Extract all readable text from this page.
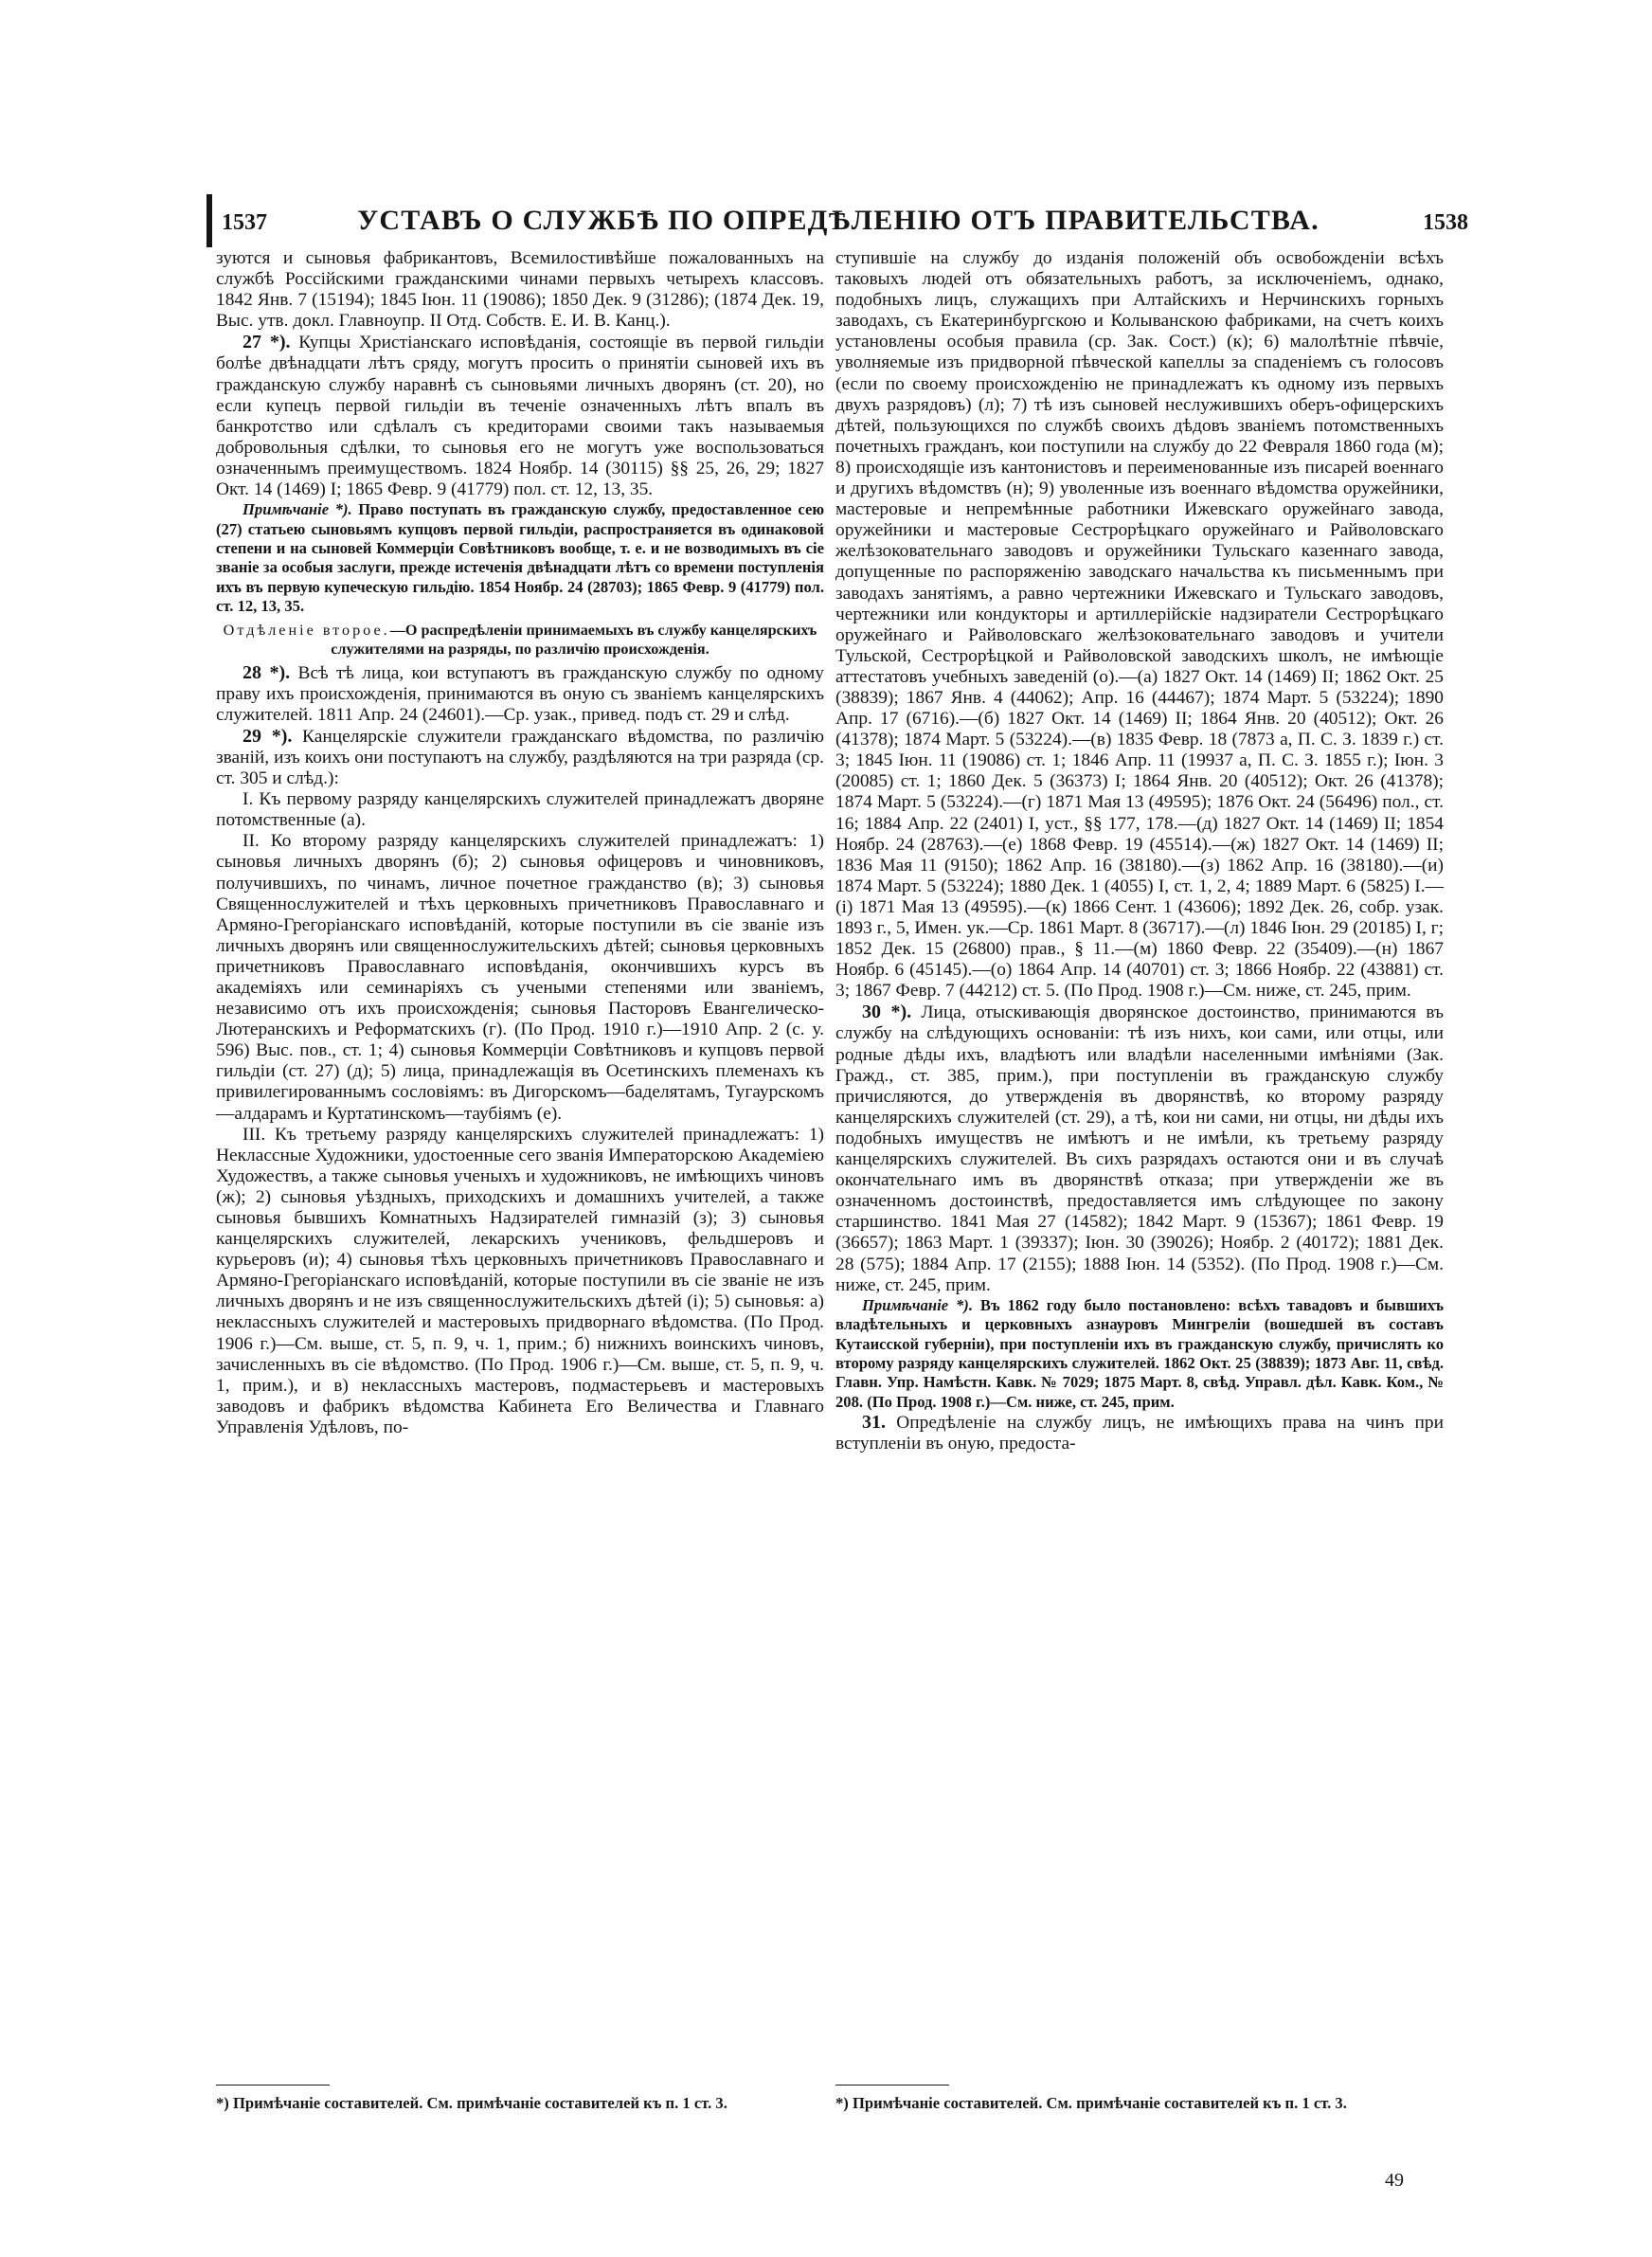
1537	УСТАВЪ О СЛУЖБѢ ПО ОПРЕДѢЛЕНІЮ ОТЪ ПРАВИТЕЛЬСТВА.	1538

зуются и сыновья фабрикантовъ, Всемилостивѣйше пожалованныхъ на службѣ Россійскими гражданскими чинами первыхъ четырехъ классовъ. 1842 Янв. 7 (15194); 1845 Іюн. 11 (19086); 1850 Дек. 9 (31286); (1874 Дек. 19, Выс. утв. докл. Главноупр. II Отд. Собств. Е. И. В. Канц.).

27 *). Купцы Христіанскаго исповѣданія, состоящіе въ первой гильдіи болѣе двѣнадцати лѣтъ сряду, могутъ просить о принятіи сыновей ихъ въ гражданскую службу наравнѣ съ сыновьями личныхъ дворянъ (ст. 20), но если купецъ первой гильдіи въ теченіе означенныхъ лѣтъ впалъ въ банкротство или сдѣлалъ съ кредиторами своими такъ называемыя добровольныя сдѣлки, то сыновья его не могутъ уже воспользоваться означеннымъ преимуществомъ. 1824 Ноябр. 14 (30115) §§ 25, 26, 29; 1827 Окт. 14 (1469) I; 1865 Февр. 9 (41779) пол. ст. 12, 13, 35.

Примѣчаніе *). Право поступать въ гражданскую службу, предоставленное сею (27) статьею сыновьямъ купцовъ первой гильдіи, распространяется въ одинаковой степени и на сыновей Коммерціи Совѣтниковъ вообще, т. е. и не возводимыхъ въ сіе званіе за особыя заслуги, прежде истеченія двѣнадцати лѣтъ со времени поступленія ихъ въ первую купеческую гильдію. 1854 Ноябр. 24 (28703); 1865 Февр. 9 (41779) пол. ст. 12, 13, 35.

Отдѣленіе второе.—О распредѣленіи принимаемыхъ въ службу канцелярскихъ служителями на разряды, по различію происхожденія.

28 *). Всѣ тѣ лица, кои вступаютъ въ гражданскую службу по одному праву ихъ происхожденія, принимаются въ оную съ званіемъ канцелярскихъ служителей. 1811 Апр. 24 (24601).—Ср. узак., привед. подъ ст. 29 и слѣд.

29 *). Канцелярскіе служители гражданскаго вѣдомства, по различію званій, изъ коихъ они поступаютъ на службу, раздѣляются на три разряда (ср. ст. 305 и слѣд.):

I. Къ первому разряду канцелярскихъ служителей принадлежатъ дворяне потомственные (а).

II. Ко второму разряду канцелярскихъ служителей принадлежатъ: 1) сыновья личныхъ дворянъ (б); 2) сыновья офицеровъ и чиновниковъ, получившихъ, по чинамъ, личное почетное гражданство (в); 3) сыновья Священнослужителей и тѣхъ церковныхъ причетниковъ Православнаго и Армяно-Грегоріанскаго исповѣданій, которые поступили въ сіе званіе изъ личныхъ дворянъ или священнослужительскихъ дѣтей; сыновья церковныхъ причетниковъ Православнаго исповѣданія, окончившихъ курсъ въ академіяхъ или семинаріяхъ съ учеными степенями или званіемъ, независимо отъ ихъ происхожденія; сыновья Пасторовъ Евангелическо-Лютеранскихъ и Реформатскихъ (г). (По Прод. 1910 г.)—1910 Апр. 2 (с. у. 596) Выс. пов., ст. 1; 4) сыновья Коммерціи Совѣтниковъ и купцовъ первой гильдіи (ст. 27) (д); 5) лица, принадлежащія въ Осетинскихъ племенахъ къ привилегированнымъ сословіямъ: въ Дигорскомъ—баделятамъ, Тугаурскомъ—алдарамъ и Куртатинскомъ—таубіямъ (е).

III. Къ третьему разряду канцелярскихъ служителей принадлежатъ: 1) Неклассные Художники, удостоенные сего званія Императорскою Академіею Художествъ, а также сыновья ученыхъ и художниковъ, не имѣющихъ чиновъ (ж); 2) сыновья уѣздныхъ, приходскихъ и домашнихъ учителей, а также сыновья бывшихъ Комнатныхъ Надзирателей гимназій (з); 3) сыновья канцелярскихъ служителей, лекарскихъ учениковъ, фельдшеровъ и курьеровъ (и); 4) сыновья тѣхъ церковныхъ причетниковъ Православнаго и Армяно-Грегоріанскаго исповѣданій, которые поступили въ сіе званіе не изъ личныхъ дворянъ и не изъ священнослужительскихъ дѣтей (і); 5) сыновья: а) неклассныхъ служителей и мастеровыхъ придворнаго вѣдомства. (По Прод. 1906 г.)—См. выше, ст. 5, п. 9, ч. 1, прим.; б) нижнихъ воинскихъ чиновъ, зачисленныхъ въ сіе вѣдомство. (По Прод. 1906 г.)—См. выше, ст. 5, п. 9, ч. 1, прим.), и в) неклассныхъ мастеровъ, подмастерьевъ и мастеровыхъ заводовъ и фабрикъ вѣдомства Кабинета Его Величества и Главнаго Управленія Удѣловъ, по-

ступившіе на службу до изданія положеній объ освобожденіи всѣхъ таковыхъ людей отъ обязательныхъ работъ, за исключеніемъ, однако, подобныхъ лицъ, служащихъ при Алтайскихъ и Нерчинскихъ горныхъ заводахъ, съ Екатеринбургскою и Колыванскою фабриками, на счетъ коихъ установлены особыя правила (ср. Зак. Сост.) (к); 6) малолѣтніе пѣвчіе, уволняемые изъ придворной пѣвческой капеллы за спаденіемъ съ голосовъ (если по своему происхожденію не принадлежатъ къ одному изъ первыхъ двухъ разрядовъ) (л); 7) тѣ изъ сыновей нeслужившихъ оберъ-офицерскихъ дѣтей, пользующихся по службѣ своихъ дѣдовъ званіемъ потомственныхъ почетныхъ гражданъ, кои поступили на службу до 22 Февраля 1860 года (м); 8) происходящіе изъ кантонистовъ и переименованные изъ писарей военнаго и другихъ вѣдомствъ (н); 9) уволенные изъ военнаго вѣдомства оружейники, мастеровые и непремѣнные работники Ижевскаго оружейнаго завода, оружейники и мастеровые Сестрорѣцкаго оружейнаго и Райволовскаго желѣзоковательнаго заводовъ и оружейники Тульскаго казеннаго завода, допущенные по распоряженію заводскаго начальства къ письменнымъ при заводахъ занятіямъ, а равно чертежники Ижевскаго и Тульскаго заводовъ, чертежники или кондукторы и артиллерійскіе надзиратели Сестрорѣцкаго оружейнаго и Райволовскаго желѣзоковательнаго заводовъ и учители Тульской, Сестрорѣцкой и Райволовской заводскихъ школъ, не имѣющіе аттестатовъ учебныхъ заведеній (о).—(а) 1827 Окт. 14 (1469) II; 1862 Окт. 25 (38839); 1867 Янв. 4 (44062); Апр. 16 (44467); 1874 Март. 5 (53224); 1890 Апр. 17 (6716).—(б) 1827 Окт. 14 (1469) II; 1864 Янв. 20 (40512); Окт. 26 (41378); 1874 Март. 5 (53224).—(в) 1835 Февр. 18 (7873 а, П. С. З. 1839 г.) ст. 3; 1845 Іюн. 11 (19086) ст. 1; 1846 Апр. 11 (19937 а, П. С. З. 1855 г.); Іюн. 3 (20085) ст. 1; 1860 Дек. 5 (36373) I; 1864 Янв. 20 (40512); Окт. 26 (41378); 1874 Март. 5 (53224).—(г) 1871 Мая 13 (49595); 1876 Окт. 24 (56496) пол., ст. 16; 1884 Апр. 22 (2401) I, уст., §§ 177, 178.—(д) 1827 Окт. 14 (1469) II; 1854 Ноябр. 24 (28763).—(е) 1868 Февр. 19 (45514).—(ж) 1827 Окт. 14 (1469) II; 1836 Мая 11 (9150); 1862 Апр. 16 (38180).—(з) 1862 Апр. 16 (38180).—(и) 1874 Март. 5 (53224); 1880 Дек. 1 (4055) I, ст. 1, 2, 4; 1889 Март. 6 (5825) I.—(і) 1871 Мая 13 (49595).—(к) 1866 Сент. 1 (43606); 1892 Дек. 26, собр. узак. 1893 г., 5, Имен. ук.—Ср. 1861 Март. 8 (36717).—(л) 1846 Іюн. 29 (20185) I, г; 1852 Дек. 15 (26800) прав., § 11.—(м) 1860 Февр. 22 (35409).—(н) 1867 Ноябр. 6 (45145).—(о) 1864 Апр. 14 (40701) ст. 3; 1866 Ноябр. 22 (43881) ст. 3; 1867 Февр. 7 (44212) ст. 5. (По Прод. 1908 г.)—См. ниже, ст. 245, прим.

30 *). Лица, отыскивающія дворянское достоинство, принимаются въ службу на слѣдующихъ основаніи: тѣ изъ нихъ, кои сами, или отцы, или родные дѣды ихъ, владѣютъ или владѣли населенными имѣніями (Зак. Гражд., ст. 385, прим.), при поступленіи въ гражданскую службу причисляются, до утвержденія въ дворянствѣ, ко второму разряду канцелярскихъ служителей (ст. 29), а тѣ, кои ни сами, ни отцы, ни дѣды ихъ подобныхъ имуществъ не имѣютъ и не имѣли, къ третьему разряду канцелярскихъ служителей. Въ сихъ разрядахъ остаются они и въ случаѣ окончательнаго имъ въ дворянствѣ отказа; при утвержденіи же въ означенномъ достоинствѣ, предоставляется имъ слѣдующее по закону старшинство. 1841 Мая 27 (14582); 1842 Март. 9 (15367); 1861 Февр. 19 (36657); 1863 Март. 1 (39337); Іюн. 30 (39026); Ноябр. 2 (40172); 1881 Дек. 28 (575); 1884 Апр. 17 (2155); 1888 Іюн. 14 (5352). (По Прод. 1908 г.)—См. ниже, ст. 245, прим.

Примѣчаніе *). Въ 1862 году было постановлено: всѣхъ тавадовъ и бывшихъ владѣтельныхъ и церковныхъ азнауровъ Мингреліи (вошедшей въ составъ Кутаисской губерніи), при поступленіи ихъ въ гражданскую службу, причислять ко второму разряду канцелярскихъ служителей. 1862 Окт. 25 (38839); 1873 Авг. 11, свѣд. Главн. Упр. Намѣстн. Кавк. № 7029; 1875 Март. 8, свѣд. Управл. дѣл. Кавк. Ком., № 208. (По Прод. 1908 г.)—См. ниже, ст. 245, прим.

31. Опредѣленіе на службу лицъ, не имѣющихъ права на чинъ при вступленіи въ оную, предоста-

*) Примѣчаніе составителей. См. примѣчаніе составителей къ п. 1 ст. 3.	*) Примѣчаніе составителей. См. примѣчаніе составителей къ п. 1 ст. 3.
49
